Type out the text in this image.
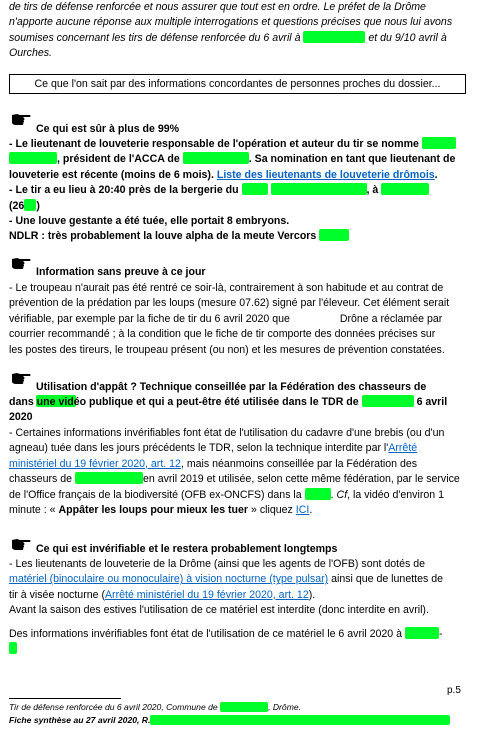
de tirs de défense renforcée et nous assurer que tout est en ordre. Le préfet de la Drôme
n'apporte aucune réponse aux multiple interrogations et questions précises que nous lui avons
soumises concernant les tirs de défense renforcée du 6 avril à	et du 9/10 avril à
Ourches.
Ce que l'on sait par des informations concordantes de personnes proches du dossier...
Ce qui est sûr à plus de 99%
- Le lieutenant de louveterie responsable de l'opération et auteur du tir se nomme
, président de l'ACCA de	. Sa nomination en tant que lieutenant de
louveterie est récente (moins de 6 mois). Liste des lieutenants de louveterie drômois.
- Le tir a eu lieu à 20:40 près de la bergerie du	, à
(26 )
- Une louve gestante a été tuée, elle portait 8 embryons.
NDLR : très probablement la louve alpha de la meute Vercors
Information sans preuve à ce jour
- Le troupeau n'aurait pas été rentré ce soir-là, contrairement à son habitude et au contrat de
prévention de la prédation par les loups (mesure 07.62) signé par l'éleveur. Cet élément serait
vérifiable, par exemple par la fiche de tir du 6 avril 2020 que	Drône a réclamée par
courrier recommandé ; à la condition que le fiche de tir comporte des données précises sur
les postes des tireurs, le troupeau présent (ou non) et les mesures de prévention constatées.
Utilisation d'appât ? Technique conseillée par la Fédération des chasseurs de
dans une vidéo publique et qui a peut-être été utilisée dans le TDR de	6 avril
2020
- Certaines informations invérifiables font état de l'utilisation du cadavre d'une brebis (ou d'un
agneau) tuée dans les jours précédents le TDR, selon la technique interdite par l'Arrêté
ministériel du 19 février 2020, art. 12, mais néanmoins conseillée par la Fédération des
chasseurs de	en avril 2019 et utilisée, selon cette même fédération, par le service
de l'Office français de la biodiversité (OFB ex-ONCFS) dans la	. Cf, la vidéo d'environ 1
minute : « Appâter les loups pour mieux les tuer » cliquez ICI.
Ce qui est invérifiable et le restera probablement longtemps
- Les lieutenants de louveterie de la Drôme (ainsi que les agents de l'OFB) sont dotés de
matériel (binoculaire ou monoculaire) à vision nocturne (type pulsar) ainsi que de lunettes de
tir à visée nocturne (Arrêté ministériel du 19 février 2020, art. 12).
Avant la saison des estives l'utilisation de ce matériel est interdite (donc interdite en avril).
Des informations invérifiables font état de l'utilisation de ce matériel le 6 avril 2020 à	-
p.5
Tir de défense renforcée du 6 avril 2020, Commune de	, Drôme.
Fiche synthèse au 27 avril 2020, R.
